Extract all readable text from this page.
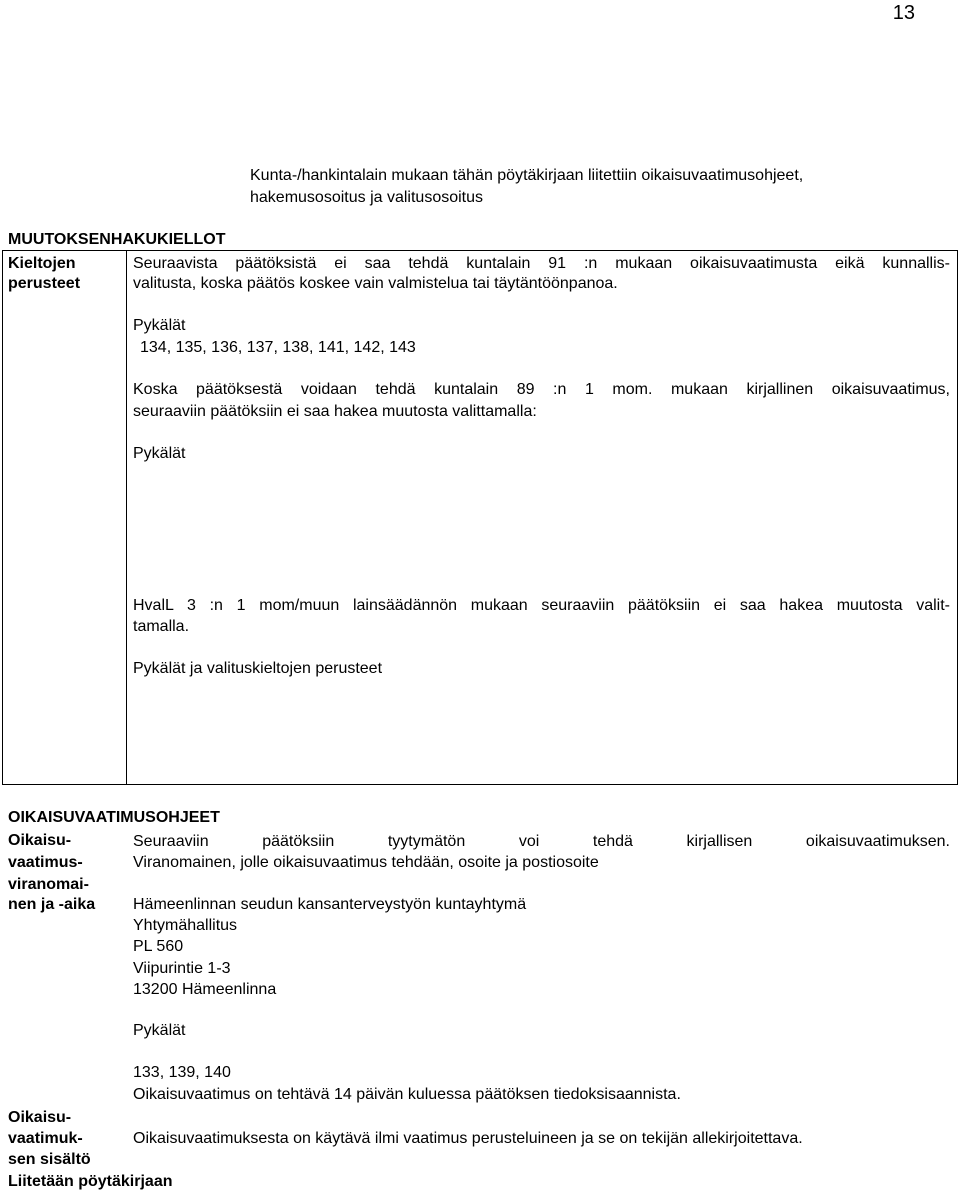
13
Kunta-/hankintalain mukaan tähän pöytäkirjaan liitettiin oikaisuvaatimusohjeet,
hakemusosoitus ja valitusosoitus
MUUTOKSENHAKUKIELLOT
Kieltojen
perusteet
Seuraavista päätöksistä ei saa tehdä kuntalain 91 :n mukaan oikaisuvaatimusta eikä kunnallis-
valitusta, koska päätös koskee vain valmistelua tai täytäntöönpanoa.
Pykälät
134, 135, 136, 137, 138, 141, 142, 143
Koska päätöksestä voidaan tehdä kuntalain 89 :n 1 mom. mukaan kirjallinen oikaisuvaatimus,
seuraaviin päätöksiin ei saa hakea muutosta valittamalla:
Pykälät
HvalL 3 :n 1 mom/muun lainsäädännön mukaan seuraaviin päätöksiin ei saa hakea muutosta valit-
tamalla.
Pykälät ja valituskieltojen perusteet
OIKAISUVAATIMUSOHJEET
Oikaisu-
vaatimus-
viranomai-
nen ja -aika
Seuraaviin päätöksiin tyytymätön voi tehdä kirjallisen oikaisuvaatimuksen.
Viranomainen, jolle oikaisuvaatimus tehdään, osoite ja postiosoite
Hämeenlinnan seudun kansanterveystyön kuntayhtymä
Yhtymähallitus
PL 560
Viipurintie 1-3
13200 Hämeenlinna
Pykälät
133, 139, 140
Oikaisuvaatimus on tehtävä 14 päivän kuluessa päätöksen tiedoksisaannista.
Oikaisu-
vaatimuk-
sen sisältö
Oikaisuvaatimuksesta on käytävä ilmi vaatimus perusteluineen ja se on tekijän allekirjoitettava.
Liitetään pöytäkirjaan
